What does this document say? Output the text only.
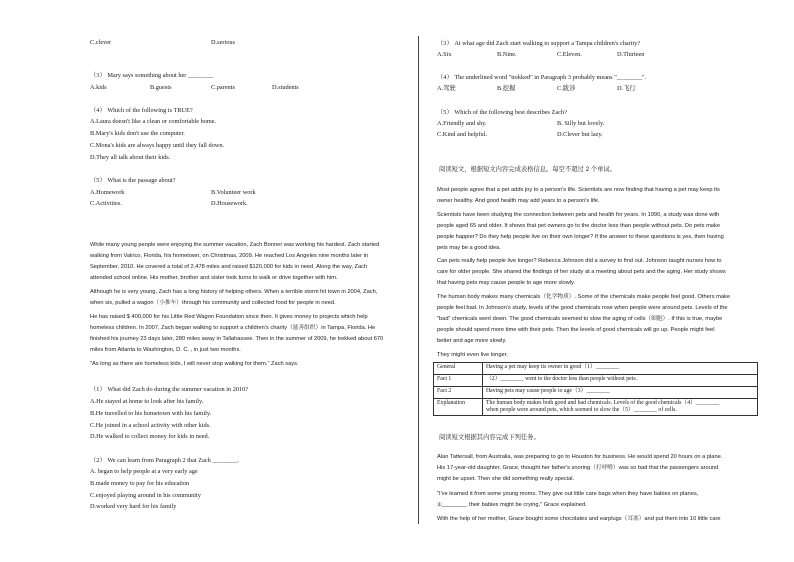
C.clever	D.serious
（3） Mary says something about her ________
A.kids	B.guests	C.parents	D.students
（4） Which of the following is TRUE?
A.Laura doesn't like a clean or comfortable home.
B.Mary's kids don't use the computer.
C.Mona's kids are always happy until they fall down.
D.They all talk about their kids.
（5） What is the passage about?
A.Homework	B.Volunteer work
C.Activities.	D.Housework.
While many young people were enjoying the summer vacation, Zach Bonner was working his hardest. Zach started
walking from Valrico, Florida, his hometown, on Christmas, 2009. He reached Los Angeles nine months later in
September, 2010. He covered a total of 2,478 miles and raised $120,000 for kids in need. Along the way, Zach
attended school online. His mother, brother and sister took turns to walk or drive together with him.
Although he is very young, Zach has a long history of helping others. When a terrible storm hit town in 2004, Zach,
when six, pulled a wagon（小推车）through his community and collected food for people in need.
He has raised $ 400,000 for his Little Red Wagon Foundation since then. It gives money to projects which help
homeless children. In 2007, Zach began walking to support a children's charity（慈善组织）in Tampa, Florida. He
finished his journey 23 days later, 280 miles away in Tallahassee. Then in the summer of 2009, he trekked about 670
miles from Atlanta to Washington, D. C. , in just two months.
"As long as there are homeless kids, I will never stop walking for them." Zach says.
（1） What did Zach do during the summer vacation in 2010?
A.He stayed at home to look after his family.
B.He travelled to his hometown with his family.
C.He joined in a school activity with other kids.
D.He walked to collect money for kids in need.
（2） We can learn from Paragraph 2 that Zach ________.
A. began to help people at a very early age
B.made money to pay for his education
C.enjoyed playing around in his community
D.worked very hard for his family
（3） At what age did Zach start walking to support a Tampa children's charity?
A.Six	B.Nine.	C.Eleven.	D.Thirteen
（4） The underlined word "trekked" in Paragraph 3 probably means "________".
A.驾驶	B.挖掘	C.跋涉	D.飞行
（5） Which of the following best describes Zach?
A.Friendly and shy.	B. Silly but lovely.
C.Kind and helpful.	D.Clever but lazy.
阅读短文，根据短文内容完成表格信息。每空不超过 2 个单词。
Most people agree that a pet adds joy to a person's life. Scientists are now finding that having a pet may keep its
owner healthy. And good health may add years to a person's life.
Scientists have been studying the connection between pets and health for years. In 1990, a study was done with
people aged 65 and older. It shows that pet owners go to the doctor less than people without pets. Do pets make
people happier? Do they help people live on their own longer? If the answer to these questions is yes, then having
pets may be a good idea.
Can pets really help people live longer? Rebecca Johnson did a survey to find out. Johnson taught nurses how to
care for older people. She shared the findings of her study at a meeting about pets and the aging. Her study shows
that having pets may cause people to age more slowly.
The human body makes many chemicals（化学物质）. Some of the chemicals make people feel good. Others make
people feel bad. In Johnson's study, levels of the good chemicals rose when people were around pets. Levels of the
"bad" chemicals went down. The good chemicals seemed to slow the aging of cells（细胞）. If this is true, maybe
people should spend more time with their pets. Then the levels of good chemicals will go up. People might feel
better and age more slowly.
They might even live longer.
General	Having a pet may keep its owner in good（1）________
Fact 1	（2）________ went to the doctor less than people without pets.
Fact 2	Having pets may cause people to age（3）________
Explanation	The human body makes both good and bad chemicals. Levels of the good chemicals（4）________
when people were around pets, which seemed to slow the（5）________ of cells.
阅读短文根据其内容完成下列任务。
Alan Tattersall, from Australia, was preparing to go to Houston for business. He would spend 20 hours on a plane.
His 17-year-old daughter, Grace, thought her father's snoring（打呼噜）was so bad that the passengers around
might be upset. Then she did something really special.
"I've learned it from some young moms. They give out little care bags when they have babies on planes,
①________ their babies might be crying," Grace explained.
With the help of her mother, Grace bought some chocolates and earplugs（耳塞）and put them into 10 little care
